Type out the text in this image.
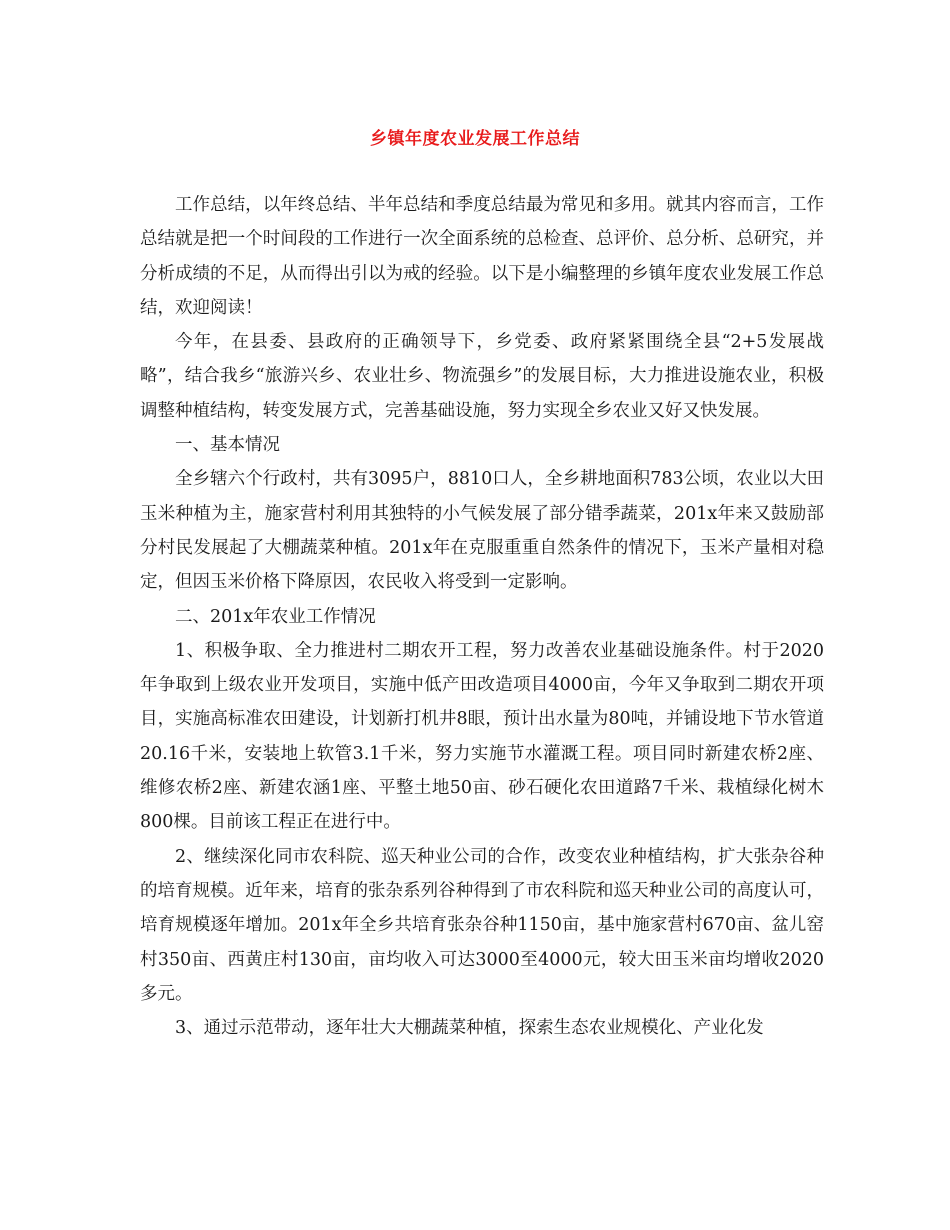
乡镇年度农业发展工作总结

工作总结，以年终总结、半年总结和季度总结最为常见和多用。就其内容而言，工作总结就是把一个时间段的工作进行一次全面系统的总检查、总评价、总分析、总研究，并分析成绩的不足，从而得出引以为戒的经验。以下是小编整理的乡镇年度农业发展工作总结，欢迎阅读！

今年，在县委、县政府的正确领导下，乡党委、政府紧紧围绕全县“2+5发展战略”，结合我乡“旅游兴乡、农业壮乡、物流强乡”的发展目标，大力推进设施农业，积极调整种植结构，转变发展方式，完善基础设施，努力实现全乡农业又好又快发展。

一、基本情况

全乡辖六个行政村，共有3095户，8810口人，全乡耕地面积783公顷，农业以大田玉米种植为主，施家营村利用其独特的小气候发展了部分错季蔬菜，201x年来又鼓励部分村民发展起了大棚蔬菜种植。201x年在克服重重自然条件的情况下，玉米产量相对稳定，但因玉米价格下降原因，农民收入将受到一定影响。

二、201x年农业工作情况

1、积极争取、全力推进村二期农开工程，努力改善农业基础设施条件。村于2020年争取到上级农业开发项目，实施中低产田改造项目4000亩，今年又争取到二期农开项目，实施高标准农田建设，计划新打机井8眼，预计出水量为80吨，并铺设地下节水管道20.16千米，安装地上软管3.1千米，努力实施节水灌溉工程。项目同时新建农桥2座、维修农桥2座、新建农涵1座、平整土地50亩、砂石硬化农田道路7千米、栽植绿化树木800棵。目前该工程正在进行中。

2、继续深化同市农科院、巡天种业公司的合作，改变农业种植结构，扩大张杂谷种的培育规模。近年来，培育的张杂系列谷种得到了市农科院和巡天种业公司的高度认可，培育规模逐年增加。201x年全乡共培育张杂谷种1150亩，基中施家营村670亩、盆儿窑村350亩、西黄庄村130亩，亩均收入可达3000至4000元，较大田玉米亩均增收2020多元。

3、通过示范带动，逐年壮大大棚蔬菜种植，探索生态农业规模化、产业化发
